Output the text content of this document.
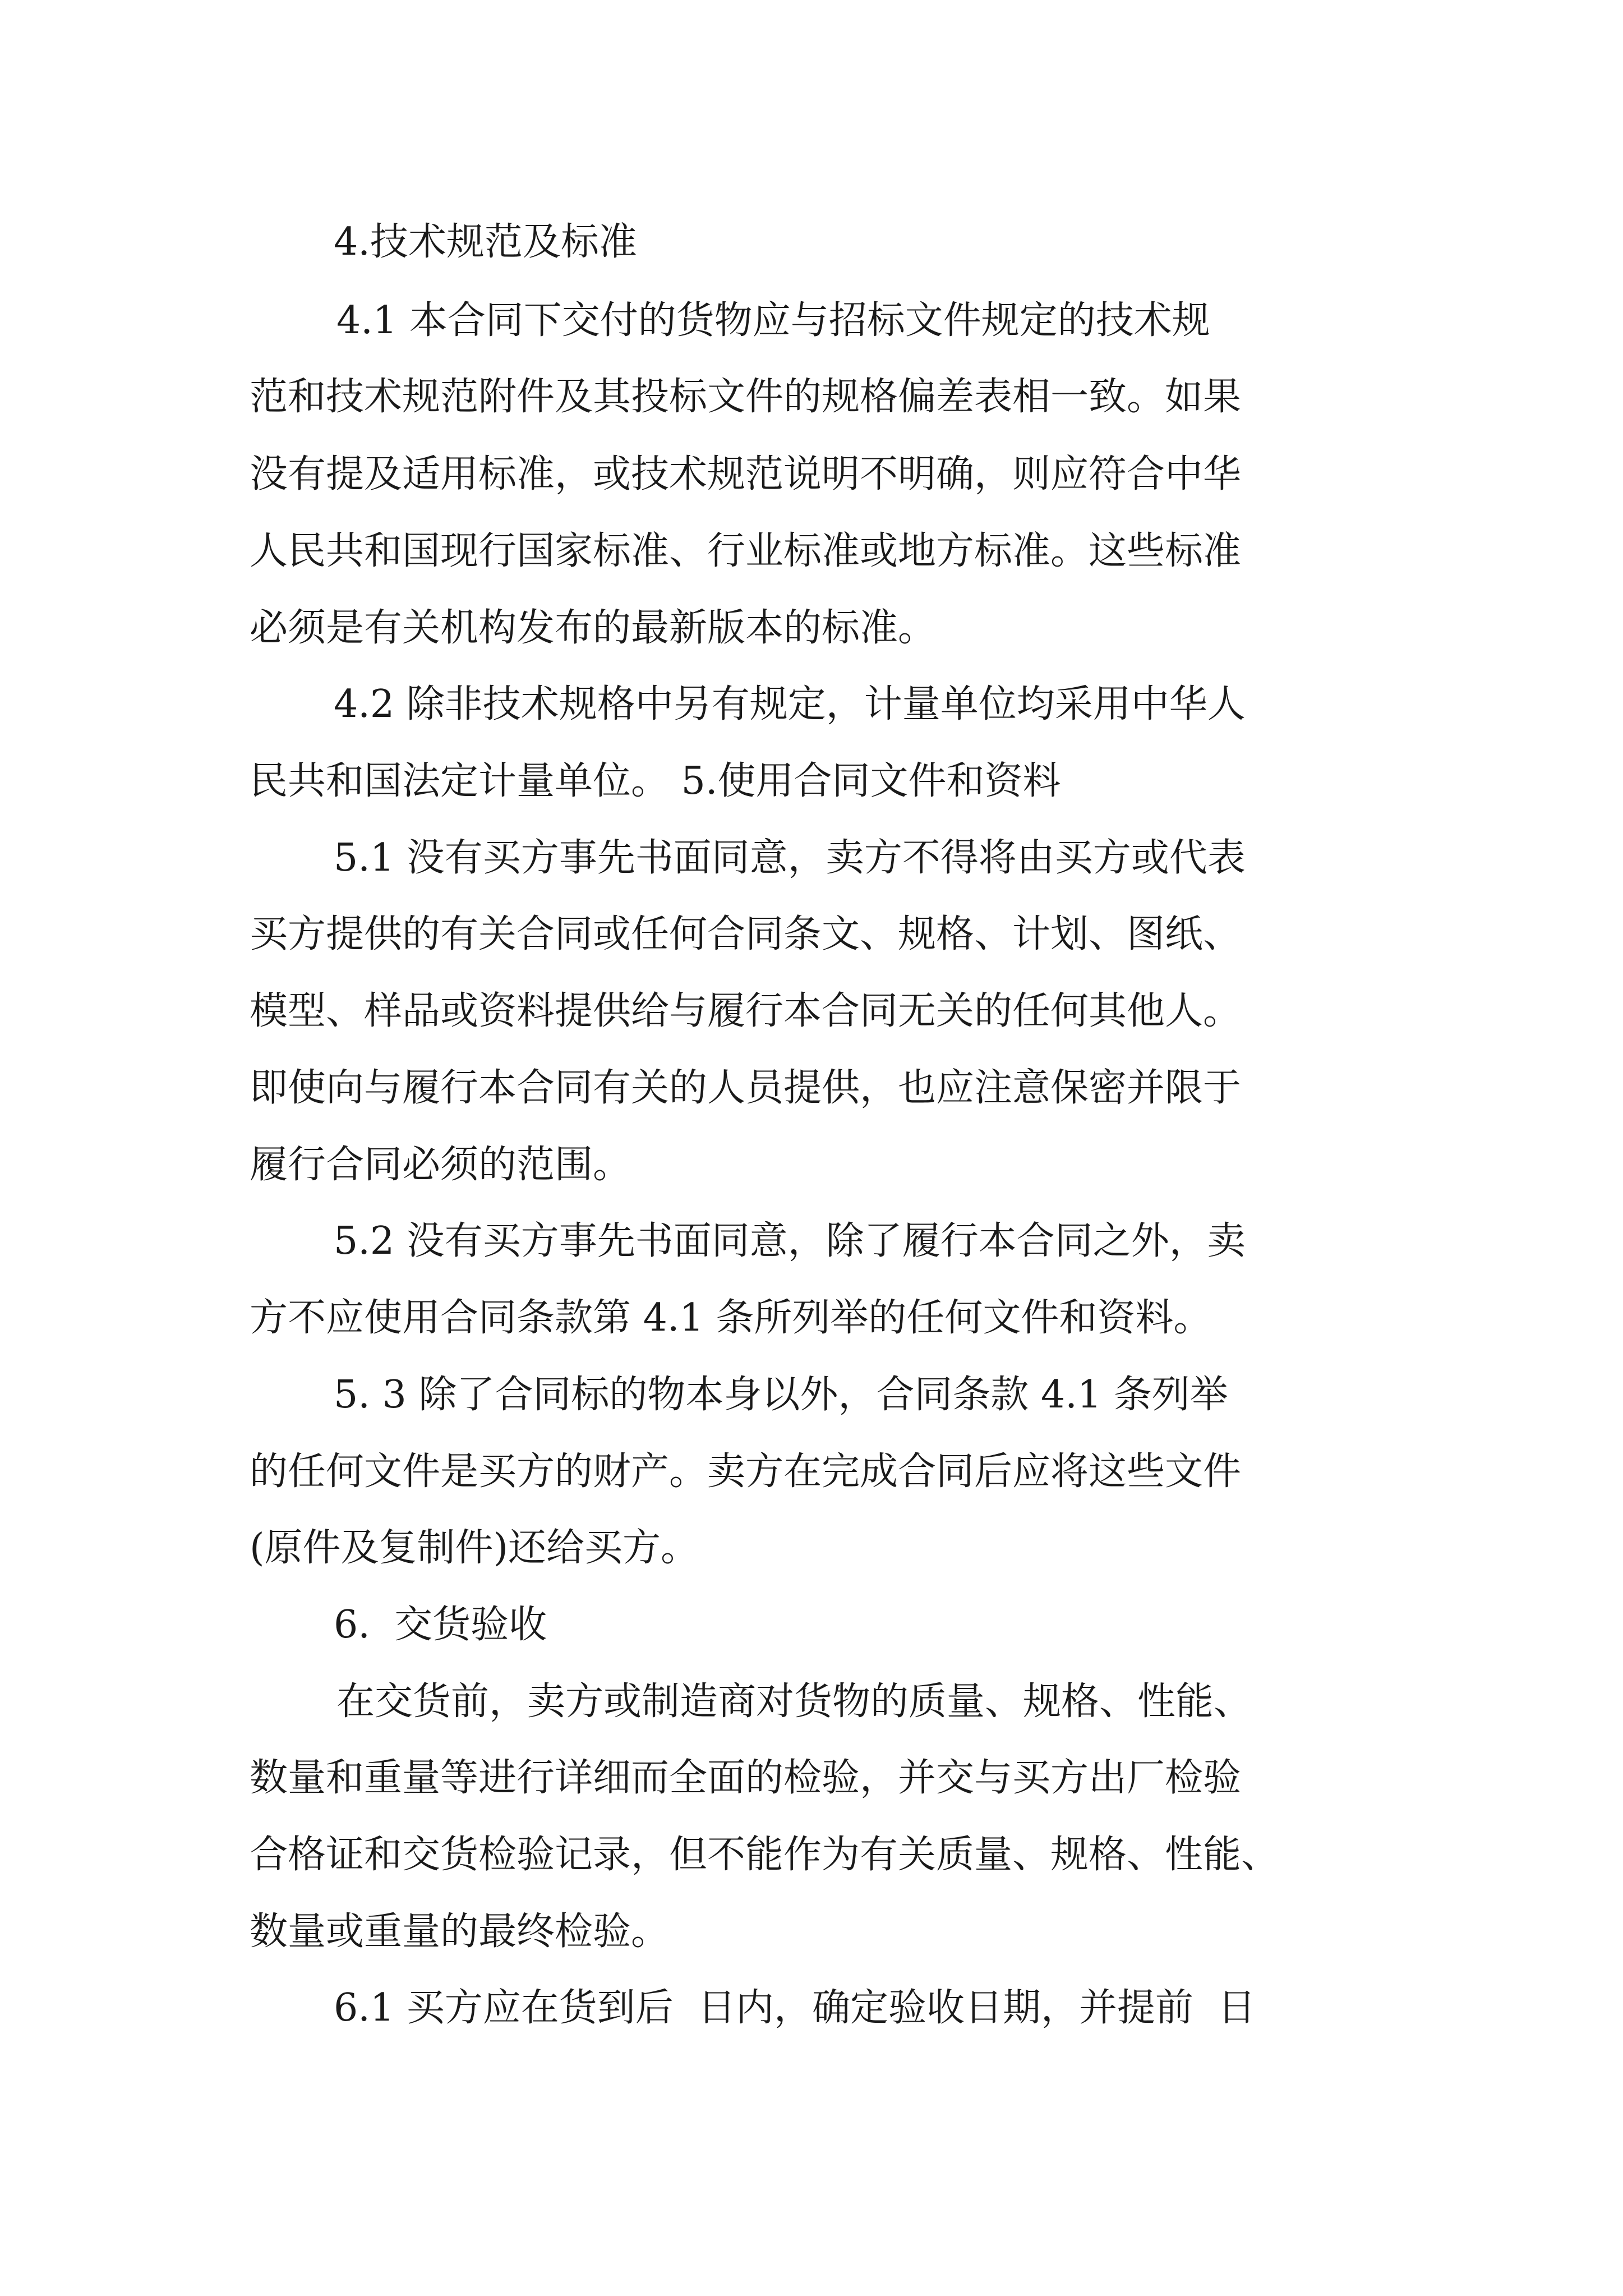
4.技术规范及标准
4.1 本合同下交付的货物应与招标文件规定的技术规
范和技术规范附件及其投标文件的规格偏差表相一致。如果
没有提及适用标准，或技术规范说明不明确，则应符合中华
人民共和国现行国家标准、行业标准或地方标准。这些标准
必须是有关机构发布的最新版本的标准。
4.2 除非技术规格中另有规定，计量单位均采用中华人
民共和国法定计量单位。 5.使用合同文件和资料
5.1 没有买方事先书面同意，卖方不得将由买方或代表
买方提供的有关合同或任何合同条文、规格、计划、图纸、
模型、样品或资料提供给与履行本合同无关的任何其他人。
即使向与履行本合同有关的人员提供，也应注意保密并限于
履行合同必须的范围。
5.2 没有买方事先书面同意，除了履行本合同之外，卖
方不应使用合同条款第 4.1 条所列举的任何文件和资料。
5. 3 除了合同标的物本身以外，合同条款 4.1 条列举
的任何文件是买方的财产。卖方在完成合同后应将这些文件
(原件及复制件)还给买方。
6.  交货验收
在交货前，卖方或制造商对货物的质量、规格、性能、
数量和重量等进行详细而全面的检验，并交与买方出厂检验
合格证和交货检验记录，但不能作为有关质量、规格、性能、
数量或重量的最终检验。
6.1 买方应在货到后  日内，确定验收日期，并提前  日
